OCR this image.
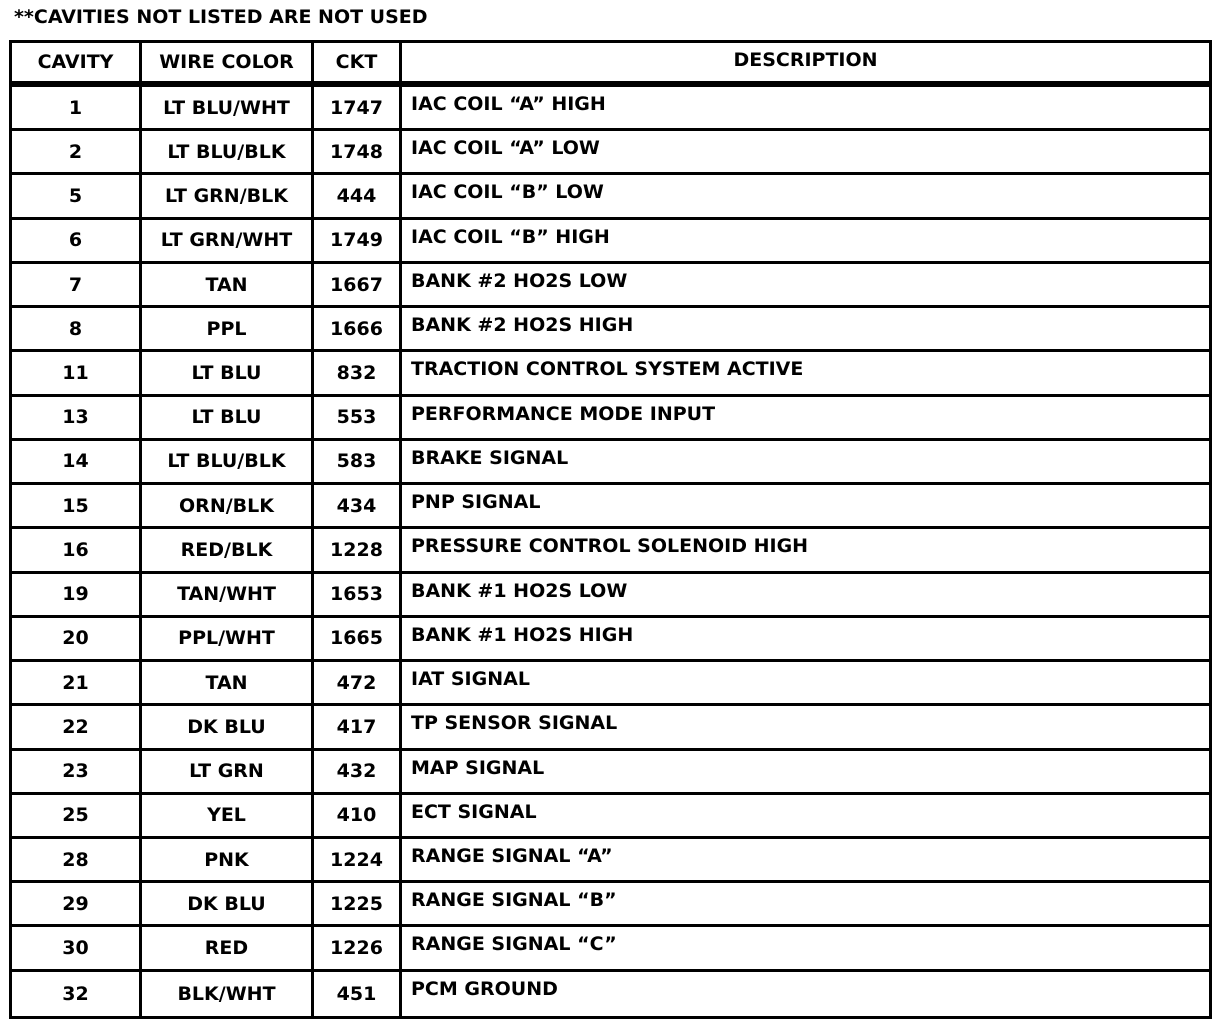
**CAVITIES NOT LISTED ARE NOT USED
CAVITY	WIRE COLOR	CKT	DESCRIPTION
1	LT BLU/WHT	1747	IAC COIL “A” HIGH
2	LT BLU/BLK	1748	IAC COIL “A” LOW
5	LT GRN/BLK	444	IAC COIL “B” LOW
6	LT GRN/WHT	1749	IAC COIL “B” HIGH
7	TAN	1667	BANK #2 HO2S LOW
8	PPL	1666	BANK #2 HO2S HIGH
11	LT BLU	832	TRACTION CONTROL SYSTEM ACTIVE
13	LT BLU	553	PERFORMANCE MODE INPUT
14	LT BLU/BLK	583	BRAKE SIGNAL
15	ORN/BLK	434	PNP SIGNAL
16	RED/BLK	1228	PRESSURE CONTROL SOLENOID HIGH
19	TAN/WHT	1653	BANK #1 HO2S LOW
20	PPL/WHT	1665	BANK #1 HO2S HIGH
21	TAN	472	IAT SIGNAL
22	DK BLU	417	TP SENSOR SIGNAL
23	LT GRN	432	MAP SIGNAL
25	YEL	410	ECT SIGNAL
28	PNK	1224	RANGE SIGNAL “A”
29	DK BLU	1225	RANGE SIGNAL “B”
30	RED	1226	RANGE SIGNAL “C”
32	BLK/WHT	451	PCM GROUND
